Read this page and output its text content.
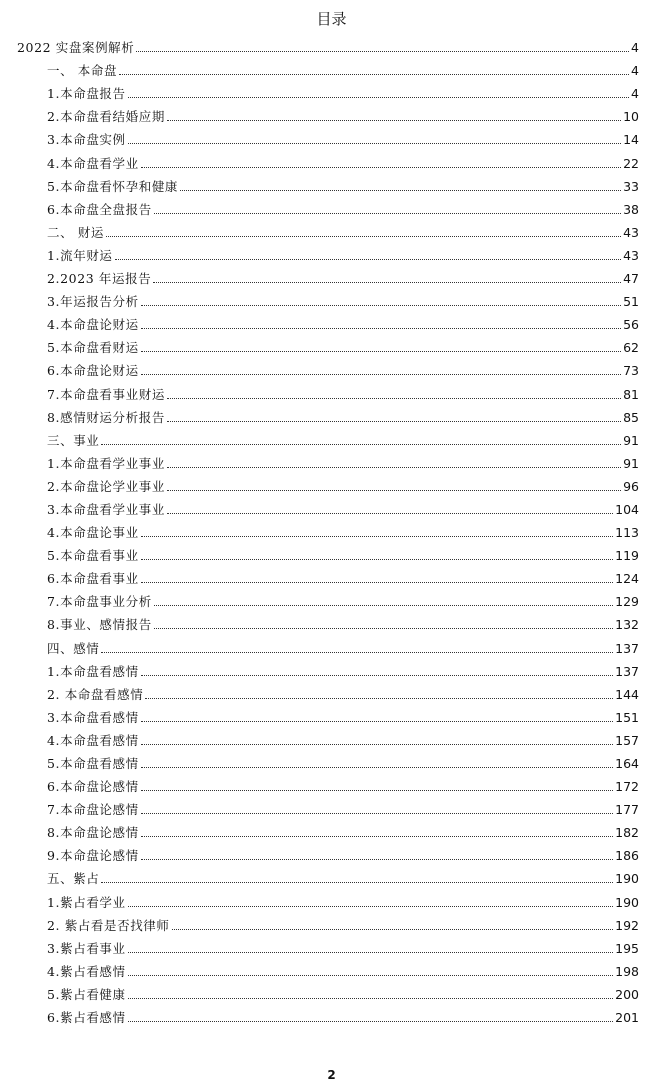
目录
2022 实盘案例解析	4
一、 本命盘	4
1.本命盘报告	4
2.本命盘看结婚应期	10
3.本命盘实例	14
4.本命盘看学业	22
5.本命盘看怀孕和健康	33
6.本命盘全盘报告	38
二、 财运	43
1.流年财运	43
2.2023 年运报告	47
3.年运报告分析	51
4.本命盘论财运	56
5.本命盘看财运	62
6.本命盘论财运	73
7.本命盘看事业财运	81
8.感情财运分析报告	85
三、事业	91
1.本命盘看学业事业	91
2.本命盘论学业事业	96
3.本命盘看学业事业	104
4.本命盘论事业	113
5.本命盘看事业	119
6.本命盘看事业	124
7.本命盘事业分析	129
8.事业、感情报告	132
四、感情	137
1.本命盘看感情	137
2. 本命盘看感情	144
3.本命盘看感情	151
4.本命盘看感情	157
5.本命盘看感情	164
6.本命盘论感情	172
7.本命盘论感情	177
8.本命盘论感情	182
9.本命盘论感情	186
五、紫占	190
1.紫占看学业	190
2. 紫占看是否找律师	192
3.紫占看事业	195
4.紫占看感情	198
5.紫占看健康	200
6.紫占看感情	201
2
